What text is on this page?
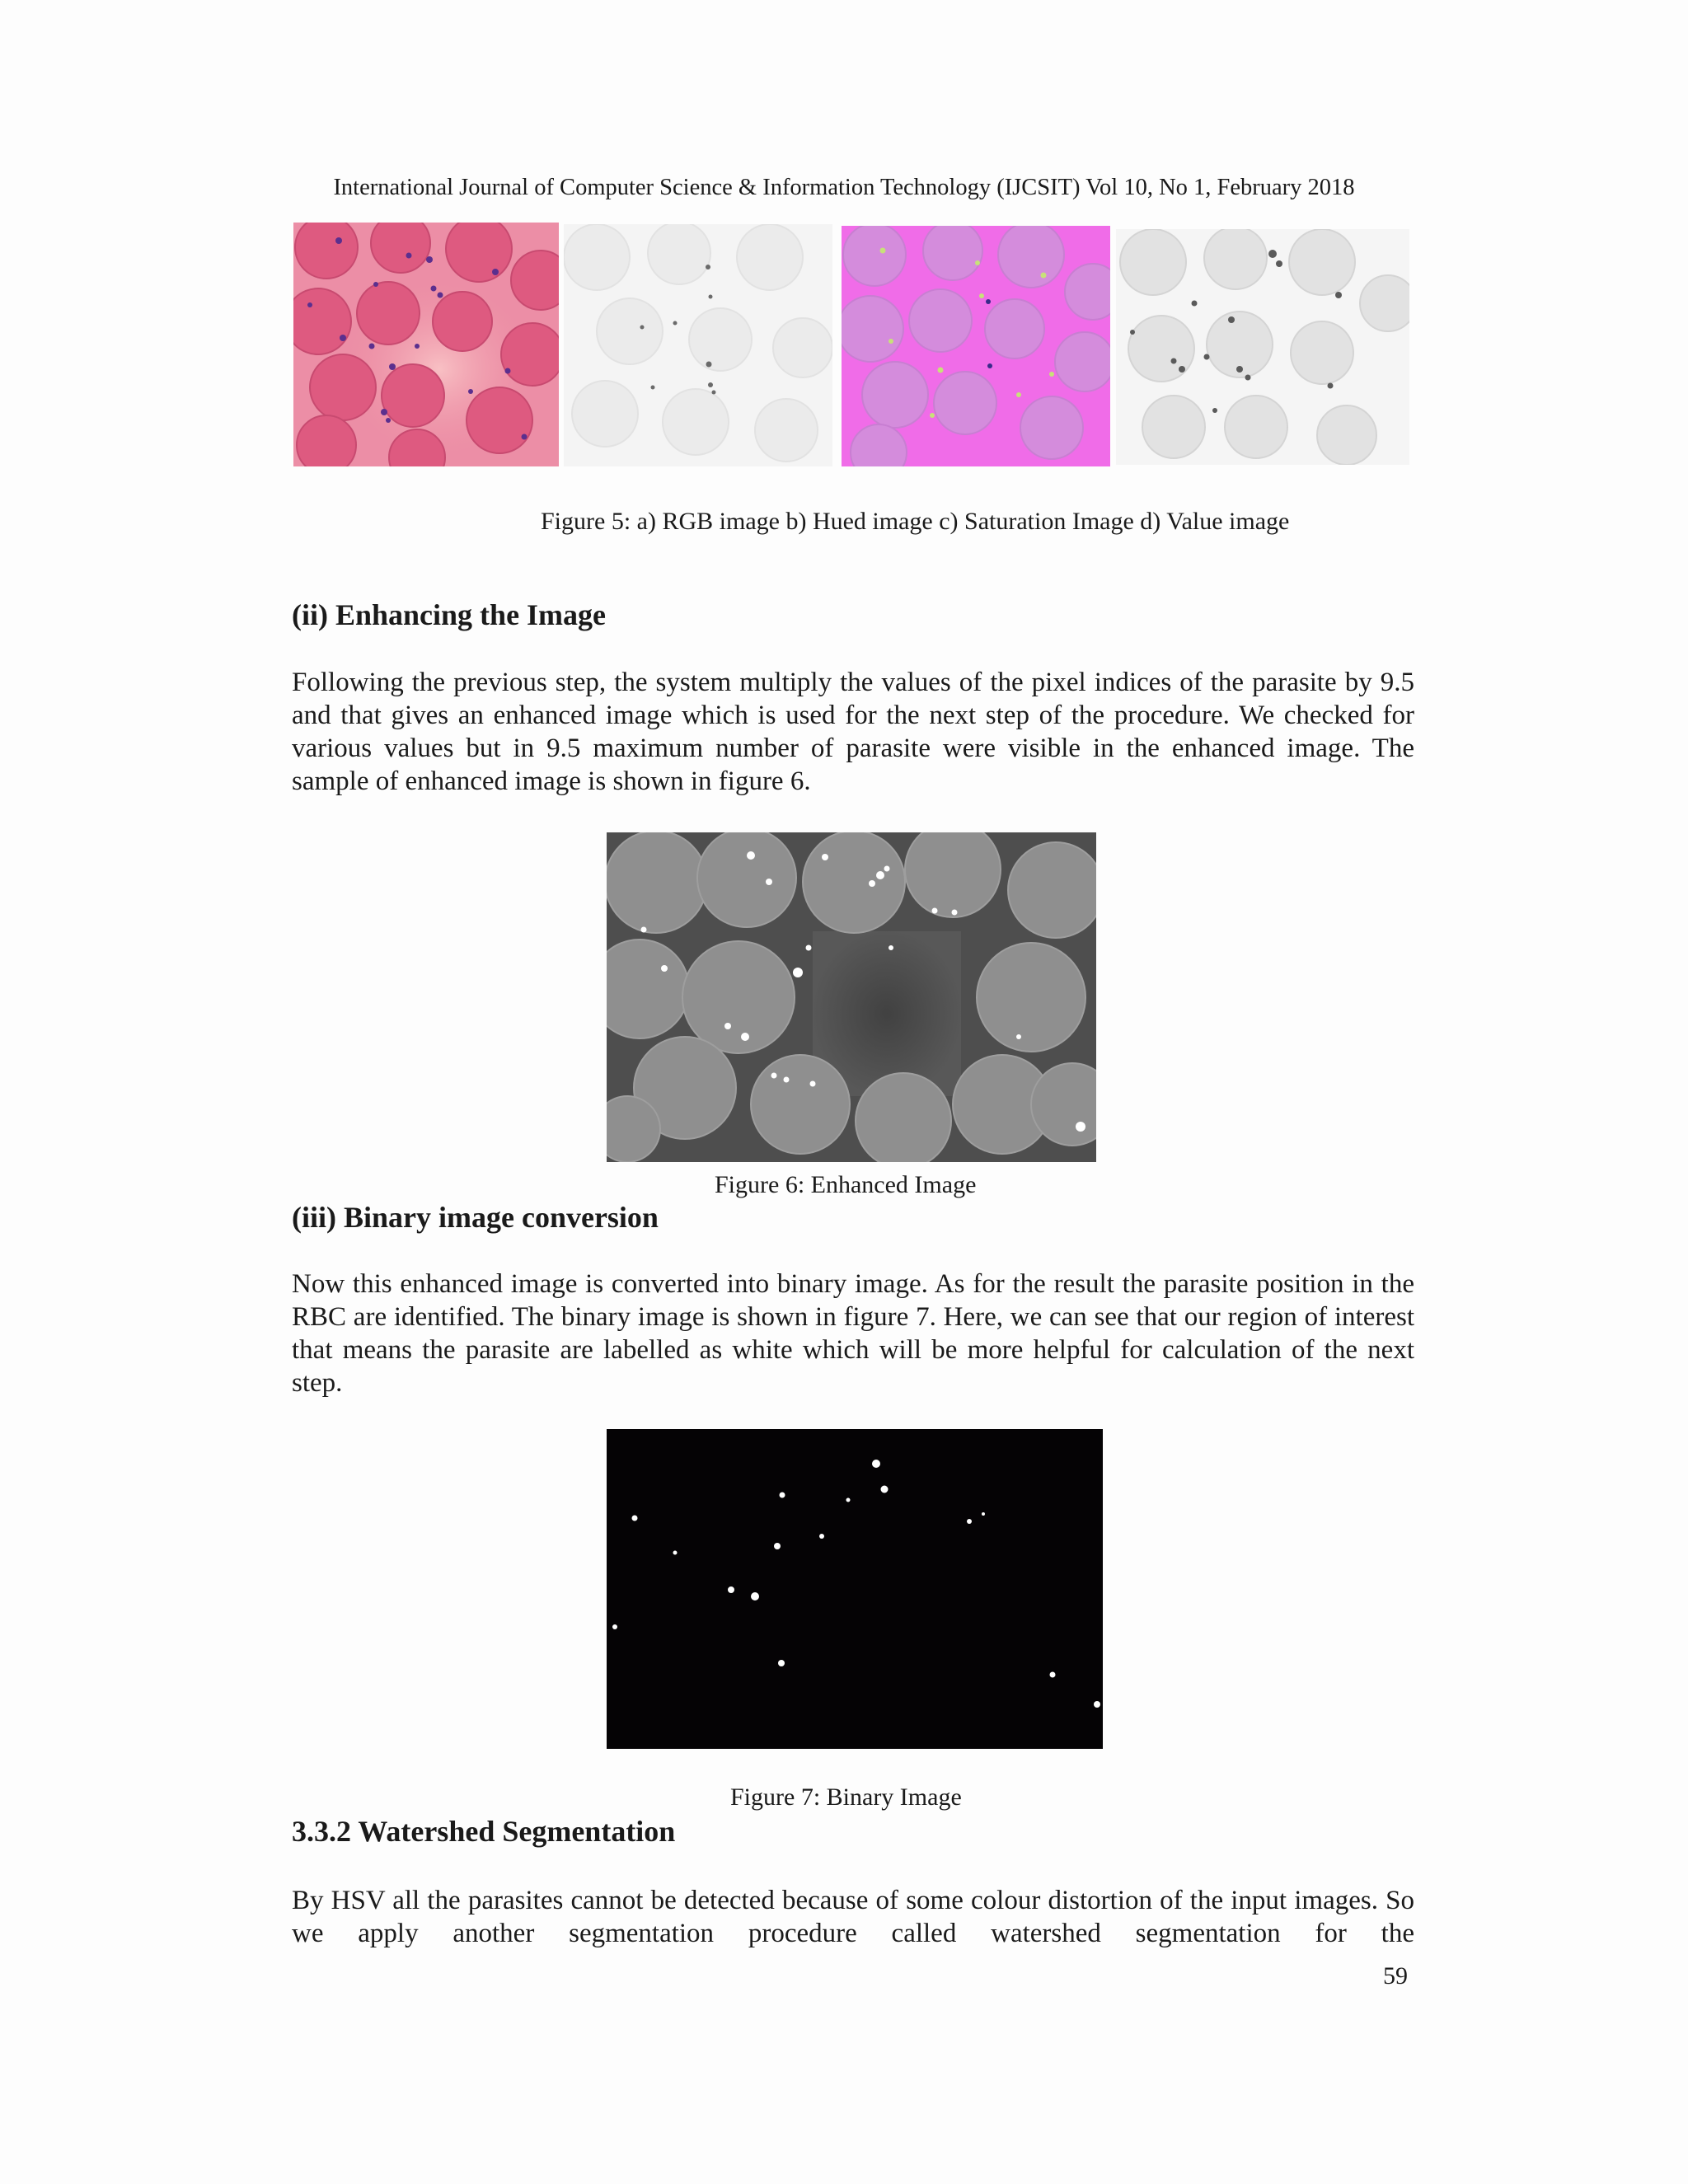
International Journal of Computer Science & Information Technology (IJCSIT) Vol 10, No 1, February 2018
Figure 5: a) RGB image b) Hued image c) Saturation Image d) Value image
(ii) Enhancing the Image
Following the previous step, the system multiply the values of the pixel indices of the parasite by 9.5 and that gives an enhanced image which is used for the next step of the procedure. We checked for various values but in 9.5 maximum number of parasite were visible in the enhanced image. The sample of enhanced image is shown in figure 6.
Figure 6: Enhanced Image
(iii) Binary image conversion
Now this enhanced image is converted into binary image. As for the result the parasite position in the RBC are identified. The binary image is shown in figure 7. Here, we can see that our region of interest that means the parasite are labelled as white which will be more helpful for calculation of the next step.
Figure 7: Binary Image
3.3.2 Watershed Segmentation
By HSV all the parasites cannot be detected because of some colour distortion of the input images. So we apply another segmentation procedure called watershed segmentation for the
59
